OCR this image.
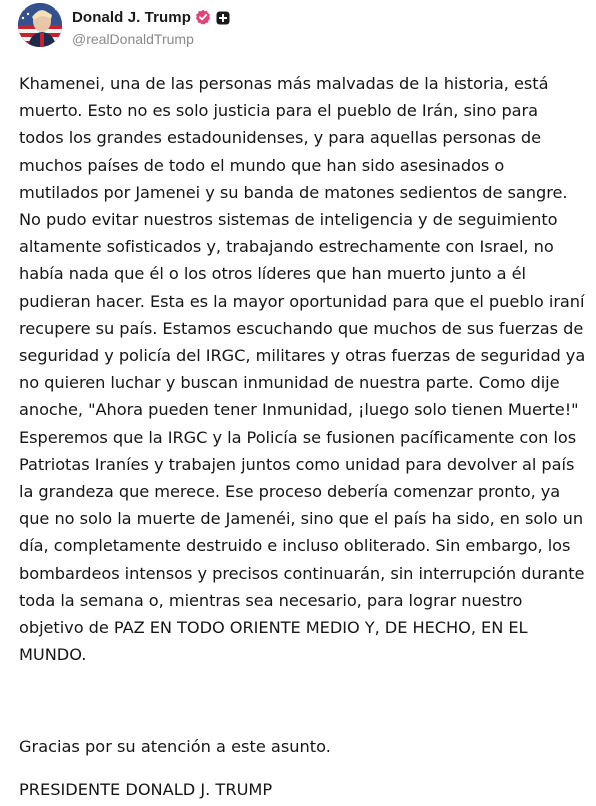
Donald J. Trump
@realDonaldTrump

Khamenei, una de las personas más malvadas de la historia, está muerto. Esto no es solo justicia para el pueblo de Irán, sino para todos los grandes estadounidenses, y para aquellas personas de muchos países de todo el mundo que han sido asesinados o mutilados por Jamenei y su banda de matones sedientos de sangre. No pudo evitar nuestros sistemas de inteligencia y de seguimiento altamente sofisticados y, trabajando estrechamente con Israel, no había nada que él o los otros líderes que han muerto junto a él pudieran hacer. Esta es la mayor oportunidad para que el pueblo iraní recupere su país. Estamos escuchando que muchos de sus fuerzas de seguridad y policía del IRGC, militares y otras fuerzas de seguridad ya no quieren luchar y buscan inmunidad de nuestra parte. Como dije anoche, "Ahora pueden tener Inmunidad, ¡luego solo tienen Muerte!" Esperemos que la IRGC y la Policía se fusionen pacíficamente con los Patriotas Iraníes y trabajen juntos como unidad para devolver al país la grandeza que merece. Ese proceso debería comenzar pronto, ya que no solo la muerte de Jamenéi, sino que el país ha sido, en solo un día, completamente destruido e incluso obliterado. Sin embargo, los bombardeos intensos y precisos continuarán, sin interrupción durante toda la semana o, mientras sea necesario, para lograr nuestro objetivo de PAZ EN TODO ORIENTE MEDIO Y, DE HECHO, EN EL MUNDO.

Gracias por su atención a este asunto.
PRESIDENTE DONALD J. TRUMP
